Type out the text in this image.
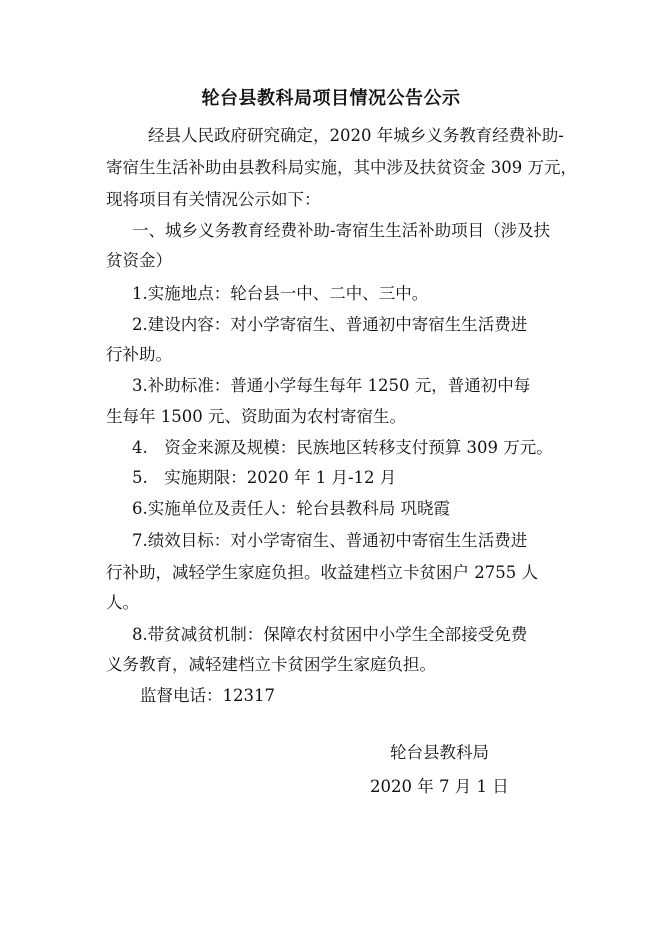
轮台县教科局项目情况公告公示
经县人民政府研究确定，2020 年城乡义务教育经费补助-
寄宿生生活补助由县教科局实施，其中涉及扶贫资金 309 万元，
现将项目有关情况公示如下：
一、城乡义务教育经费补助-寄宿生生活补助项目（涉及扶
贫资金）
1.实施地点：轮台县一中、二中、三中。
2.建设内容：对小学寄宿生、普通初中寄宿生生活费进
行补助。
3.补助标准：普通小学每生每年 1250 元，普通初中每
生每年 1500 元、资助面为农村寄宿生。
4.　资金来源及规模：民族地区转移支付预算 309 万元。
5.　实施期限：2020 年 1 月-12 月
6.实施单位及责任人：轮台县教科局 巩晓霞
7.绩效目标：对小学寄宿生、普通初中寄宿生生活费进
行补助，减轻学生家庭负担。收益建档立卡贫困户 2755 人
人。
8.带贫减贫机制：保障农村贫困中小学生全部接受免费
义务教育，减轻建档立卡贫困学生家庭负担。
监督电话：12317
轮台县教科局
2020 年 7 月 1 日
